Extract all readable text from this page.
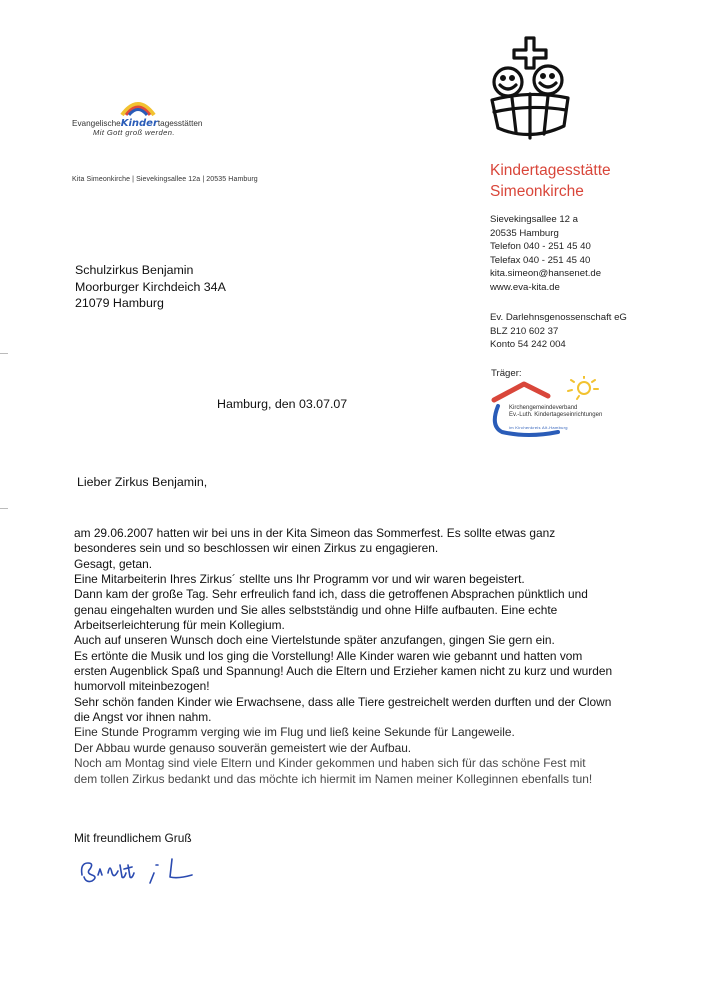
EvangelischeKindertagesstätten
Mit Gott groß werden.
Kita Simeonkirche | Sievekingsallee 12a | 20535 Hamburg
Kindertagesstätte
Simeonkirche
Sievekingsallee 12 a
20535 Hamburg
Telefon 040 - 251 45 40
Telefax 040 - 251 45 40
kita.simeon@hansenet.de
www.eva-kita.de
Ev. Darlehnsgenossenschaft eG
BLZ 210 602 37
Konto 54 242 004
Träger:
Kirchengemeindeverband
Ev.-Luth. Kindertageseinrichtungen
im Kirchenkreis Alt-Hamburg
Schulzirkus Benjamin
Moorburger Kirchdeich 34A
21079 Hamburg
Hamburg, den 03.07.07
Lieber Zirkus Benjamin,
am 29.06.2007 hatten wir bei uns in der Kita Simeon das Sommerfest. Es sollte etwas ganz
besonderes sein und so beschlossen wir einen Zirkus zu engagieren.
Gesagt, getan.
Eine Mitarbeiterin Ihres Zirkus´ stellte uns Ihr Programm vor und wir waren begeistert.
Dann kam der große Tag. Sehr erfreulich fand ich, dass die getroffenen Absprachen pünktlich und
genau eingehalten wurden und Sie alles selbstständig und ohne Hilfe aufbauten. Eine echte
Arbeitserleichterung für mein Kollegium.
Auch auf unseren Wunsch doch eine Viertelstunde später anzufangen, gingen Sie gern ein.
Es ertönte die Musik und los ging die Vorstellung! Alle Kinder waren wie gebannt und hatten vom
ersten Augenblick Spaß und Spannung! Auch die Eltern und Erzieher kamen nicht zu kurz und wurden
humorvoll miteinbezogen!
Sehr schön fanden Kinder wie Erwachsene, dass alle Tiere gestreichelt werden durften und der Clown
die Angst vor ihnen nahm.
Eine Stunde Programm verging wie im Flug und ließ keine Sekunde für Langeweile.
Der Abbau wurde genauso souverän gemeistert wie der Aufbau.
Noch am Montag sind viele Eltern und Kinder gekommen und haben sich für das schöne Fest mit
dem tollen Zirkus bedankt und das möchte ich hiermit im Namen meiner Kolleginnen ebenfalls tun!
Mit freundlichem Gruß
